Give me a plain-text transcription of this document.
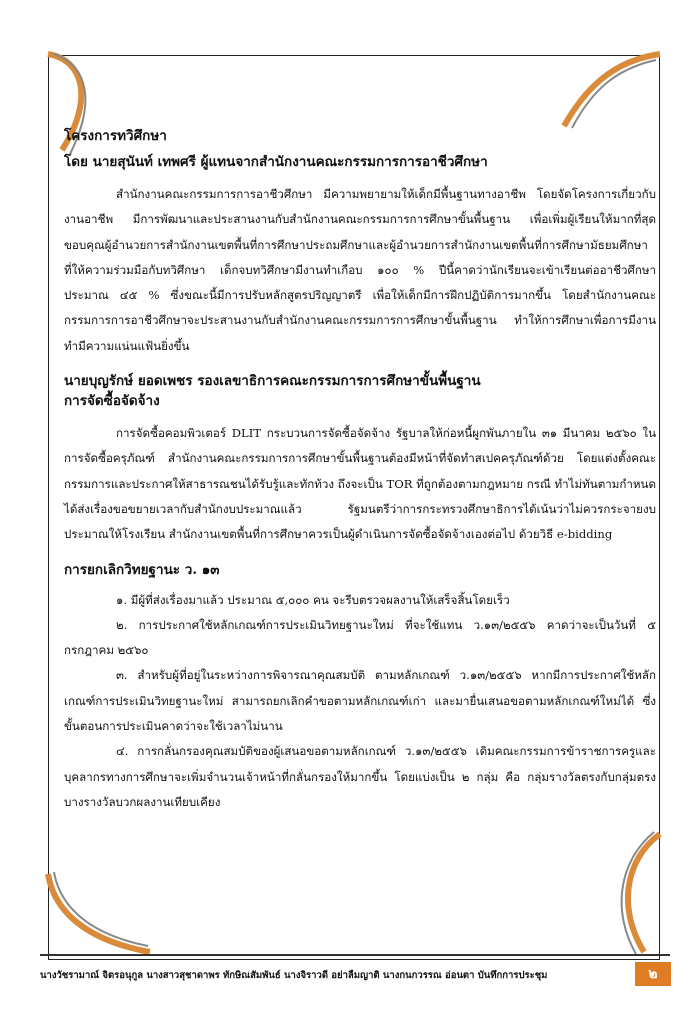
โครงการทวิศึกษา
โดย นายสุนันท์ เทพศรี ผู้แทนจากสำนักงานคณะกรรมการการอาชีวศึกษา

สำนักงานคณะกรรมการการอาชีวศึกษา มีความพยายามให้เด็กมีพื้นฐานทางอาชีพ โดยจัดโครงการเกี่ยวกับงานอาชีพ มีการพัฒนาและประสานงานกับสำนักงานคณะกรรมการการศึกษาขั้นพื้นฐาน เพื่อเพิ่มผู้เรียนให้มากที่สุด ขอบคุณผู้อำนวยการสำนักงานเขตพื้นที่การศึกษาประถมศึกษาและผู้อำนวยการสำนักงานเขตพื้นที่การศึกษามัธยมศึกษา ที่ให้ความร่วมมือกับทวิศึกษา เด็กจบทวิศึกษามีงานทำเกือบ ๑๐๐ % ปีนี้คาดว่านักเรียนจะเข้าเรียนต่ออาชีวศึกษาประมาณ ๔๕ % ซึ่งขณะนี้มีการปรับหลักสูตรปริญญาตรี เพื่อให้เด็กมีการฝึกปฏิบัติการมากขึ้น โดยสำนักงานคณะกรรมการการอาชีวศึกษาจะประสานงานกับสำนักงานคณะกรรมการการศึกษาขั้นพื้นฐาน ทำให้การศึกษาเพื่อการมีงานทำมีความแน่นแฟ้นยิ่งขึ้น

นายบุญรักษ์ ยอดเพชร รองเลขาธิการคณะกรรมการการศึกษาขั้นพื้นฐาน
การจัดซื้อจัดจ้าง

การจัดซื้อคอมพิวเตอร์ DLIT กระบวนการจัดซื้อจัดจ้าง รัฐบาลให้ก่อหนี้ผูกพันภายใน ๓๑ มีนาคม ๒๕๖๐ ในการจัดซื้อครุภัณฑ์ สำนักงานคณะกรรมการการศึกษาขั้นพื้นฐานต้องมีหน้าที่จัดทำสเปคครุภัณฑ์ด้วย โดยแต่งตั้งคณะกรรมการและประกาศให้สาธารณชนได้รับรู้และทักท้วง ถึงจะเป็น TOR ที่ถูกต้องตามกฎหมาย กรณี ทำไม่ทันตามกำหนดได้ส่งเรื่องขอขยายเวลากับสำนักงบประมาณแล้ว รัฐมนตรีว่าการกระทรวงศึกษาธิการได้เน้นว่าไม่ควรกระจายงบประมาณให้โรงเรียน สำนักงานเขตพื้นที่การศึกษาควรเป็นผู้ดำเนินการจัดซื้อจัดจ้างเองต่อไป ด้วยวิธี e-bidding

การยกเลิกวิทยฐานะ ว. ๑๓

๑. มีผู้ที่ส่งเรื่องมาแล้ว ประมาณ ๕,๐๐๐ คน จะรีบตรวจผลงานให้เสร็จสิ้นโดยเร็ว

๒. การประกาศใช้หลักเกณฑ์การประเมินวิทยฐานะใหม่ ที่จะใช้แทน ว.๑๓/๒๕๕๖ คาดว่าจะเป็นวันที่ ๕ กรกฎาคม ๒๕๖๐

๓. สำหรับผู้ที่อยู่ในระหว่างการพิจารณาคุณสมบัติ ตามหลักเกณฑ์ ว.๑๓/๒๕๕๖ หากมีการประกาศใช้หลักเกณฑ์การประเมินวิทยฐานะใหม่ สามารถยกเลิกคำขอตามหลักเกณฑ์เก่า และมายื่นเสนอขอตามหลักเกณฑ์ใหม่ได้ ซึ่งขั้นตอนการประเมินคาดว่าจะใช้เวลาไม่นาน

๔. การกลั่นกรองคุณสมบัติของผู้เสนอขอตามหลักเกณฑ์ ว.๑๓/๒๕๕๖ เดิมคณะกรรมการข้าราชการครูและบุคลากรทางการศึกษาจะเพิ่มจำนวนเจ้าหน้าที่กลั่นกรองให้มากขึ้น โดยแบ่งเป็น ๒ กลุ่ม คือ กลุ่มรางวัลตรงกับกลุ่มตรงบางรางวัลบวกผลงานเทียบเคียง

นางวัชรามาณ์ จิตรอนุกูล นางสาวสุชาดาพร ทักษิณสัมพันธ์ นางจิราวดี อย่าลืมญาติ นางกนกวรรณ อ่อนตา บันทึกการประชุม	๒
